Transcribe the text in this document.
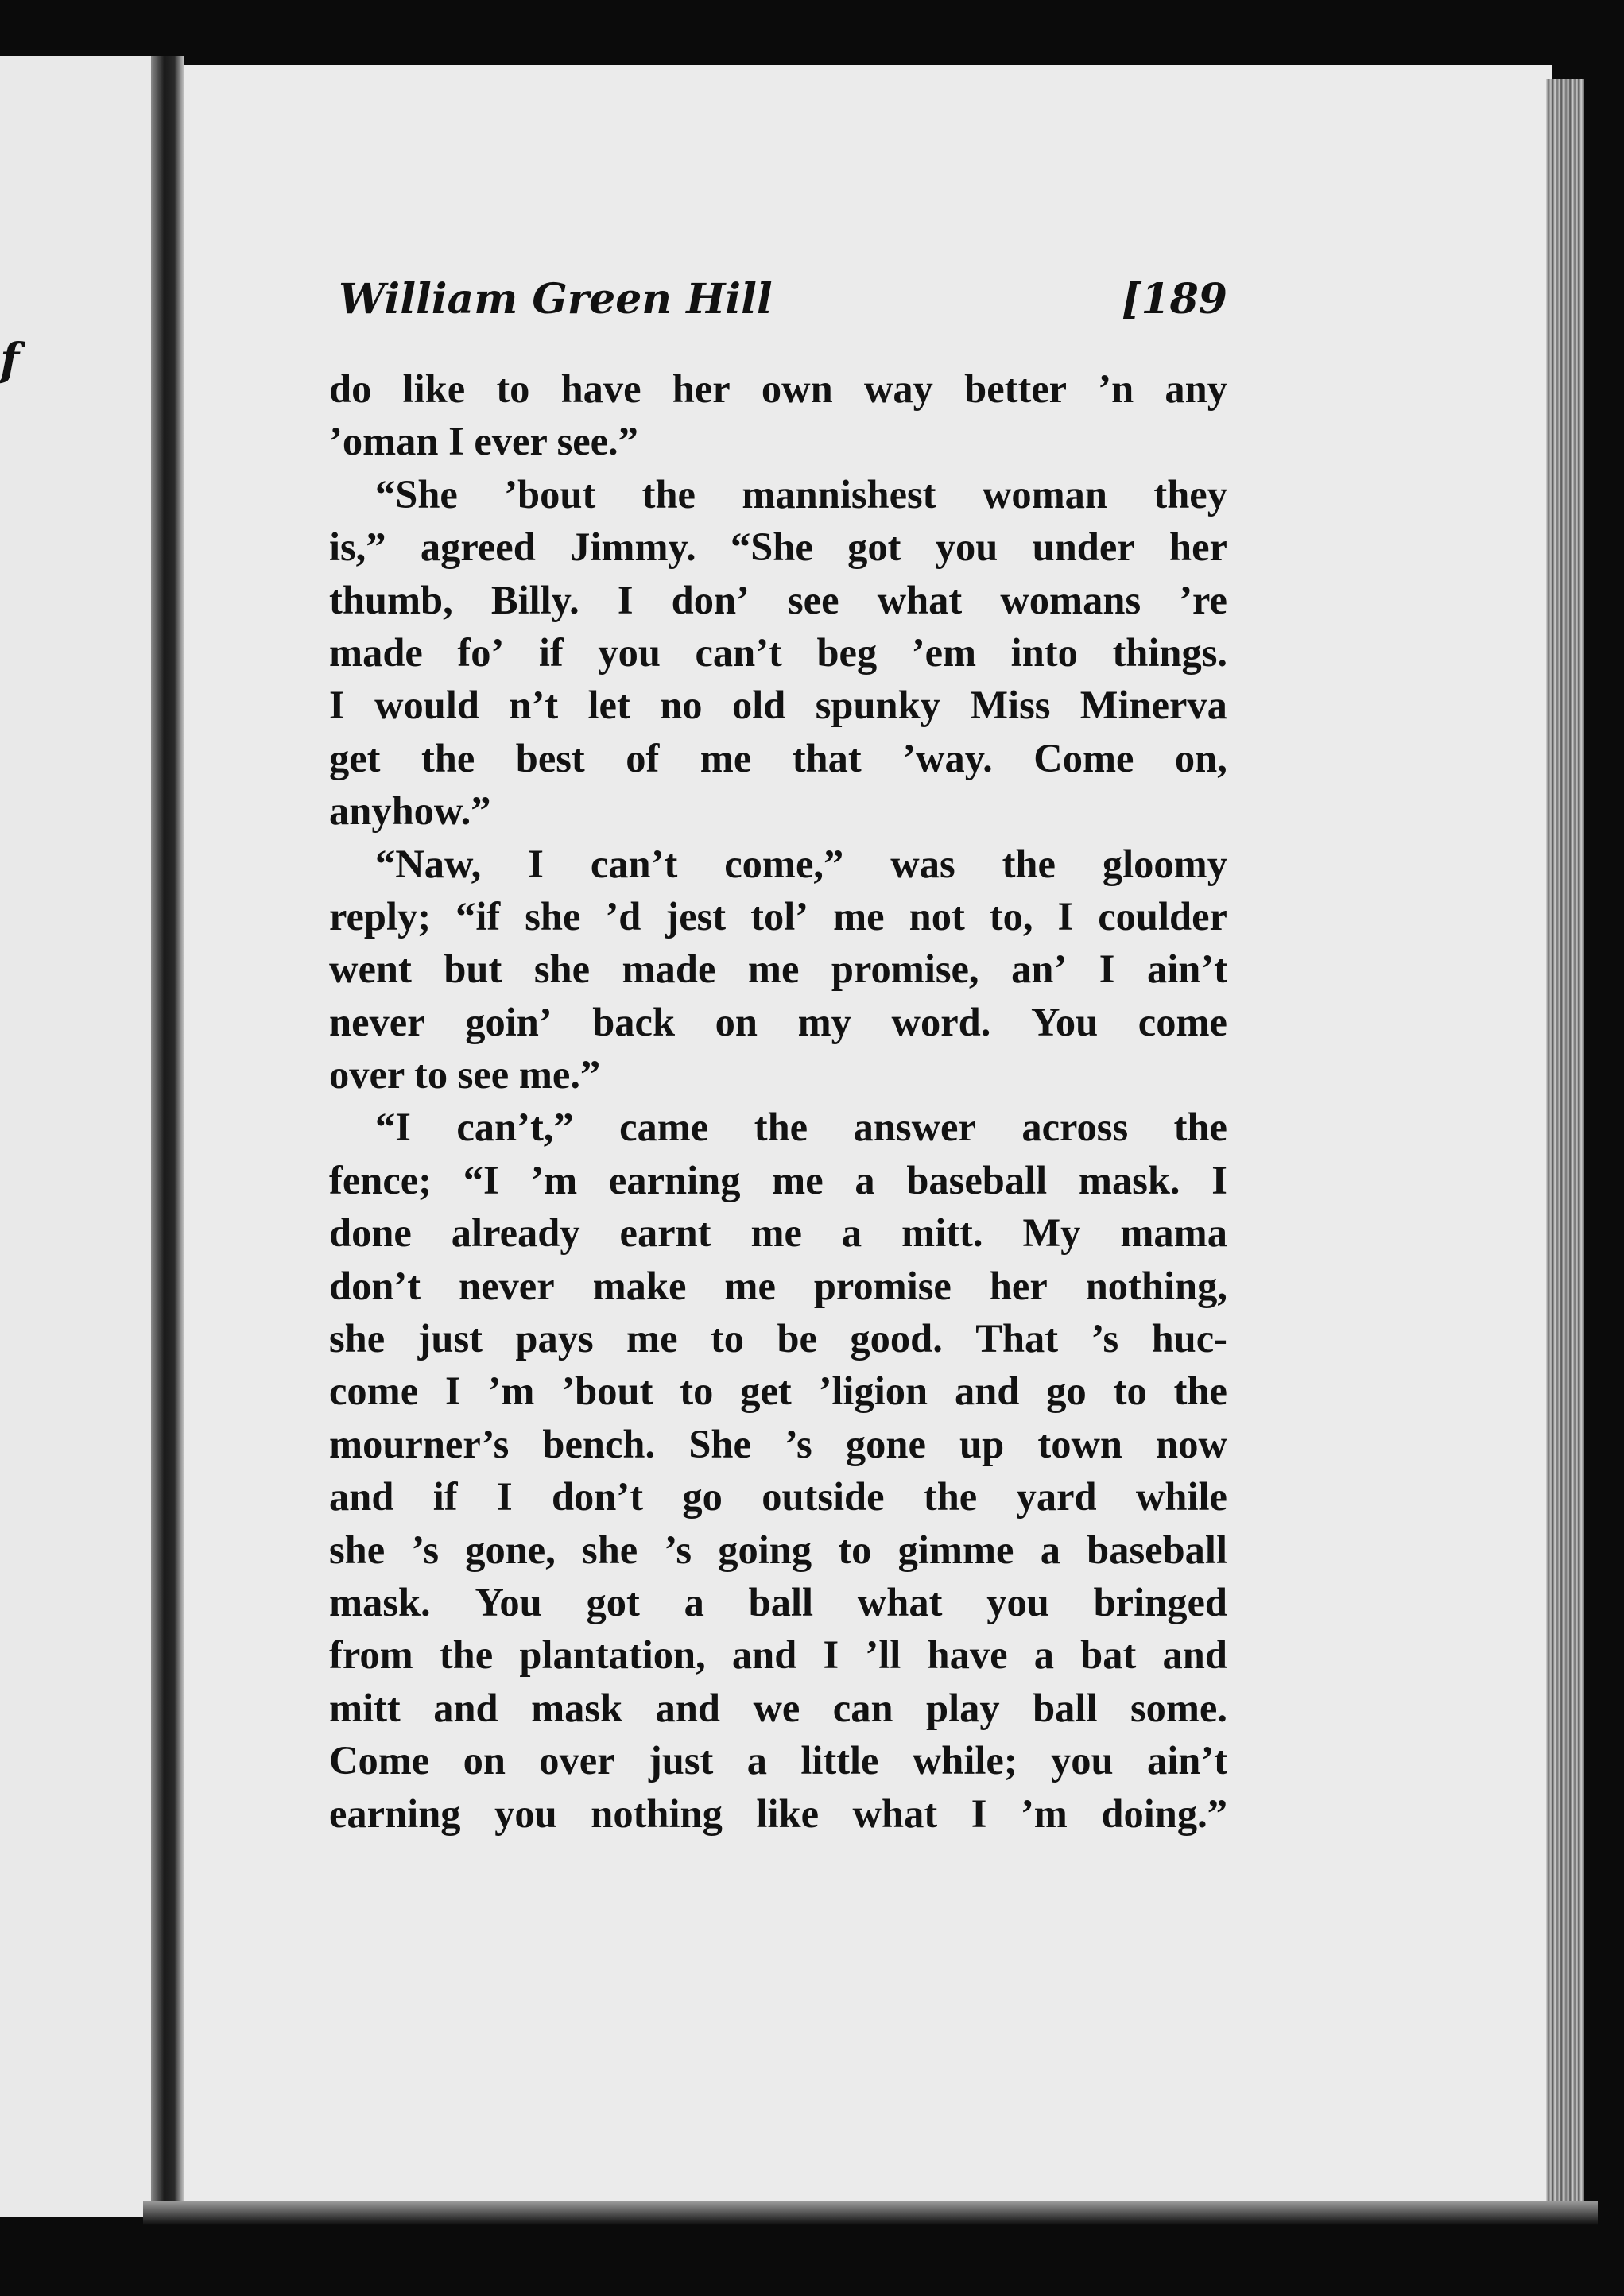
f
William Green Hill	[189
do like to have her own way better ’n any
’oman I ever see.”
“She ’bout the mannishest woman they
is,” agreed Jimmy. “She got you under her
thumb, Billy. I don’ see what womans ’re
made fo’ if you can’t beg ’em into things.
I would n’t let no old spunky Miss Minerva
get the best of me that ’way. Come on,
anyhow.”
“Naw, I can’t come,” was the gloomy
reply; “if she ’d jest tol’ me not to, I coulder
went but she made me promise, an’ I ain’t
never goin’ back on my word. You come
over to see me.”
“I can’t,” came the answer across the
fence; “I ’m earning me a baseball mask. I
done already earnt me a mitt. My mama
don’t never make me promise her nothing,
she just pays me to be good. That ’s huc-
come I ’m ’bout to get ’ligion and go to the
mourner’s bench. She ’s gone up town now
and if I don’t go outside the yard while
she ’s gone, she ’s going to gimme a baseball
mask. You got a ball what you bringed
from the plantation, and I ’ll have a bat and
mitt and mask and we can play ball some.
Come on over just a little while; you ain’t
earning you nothing like what I ’m doing.”
